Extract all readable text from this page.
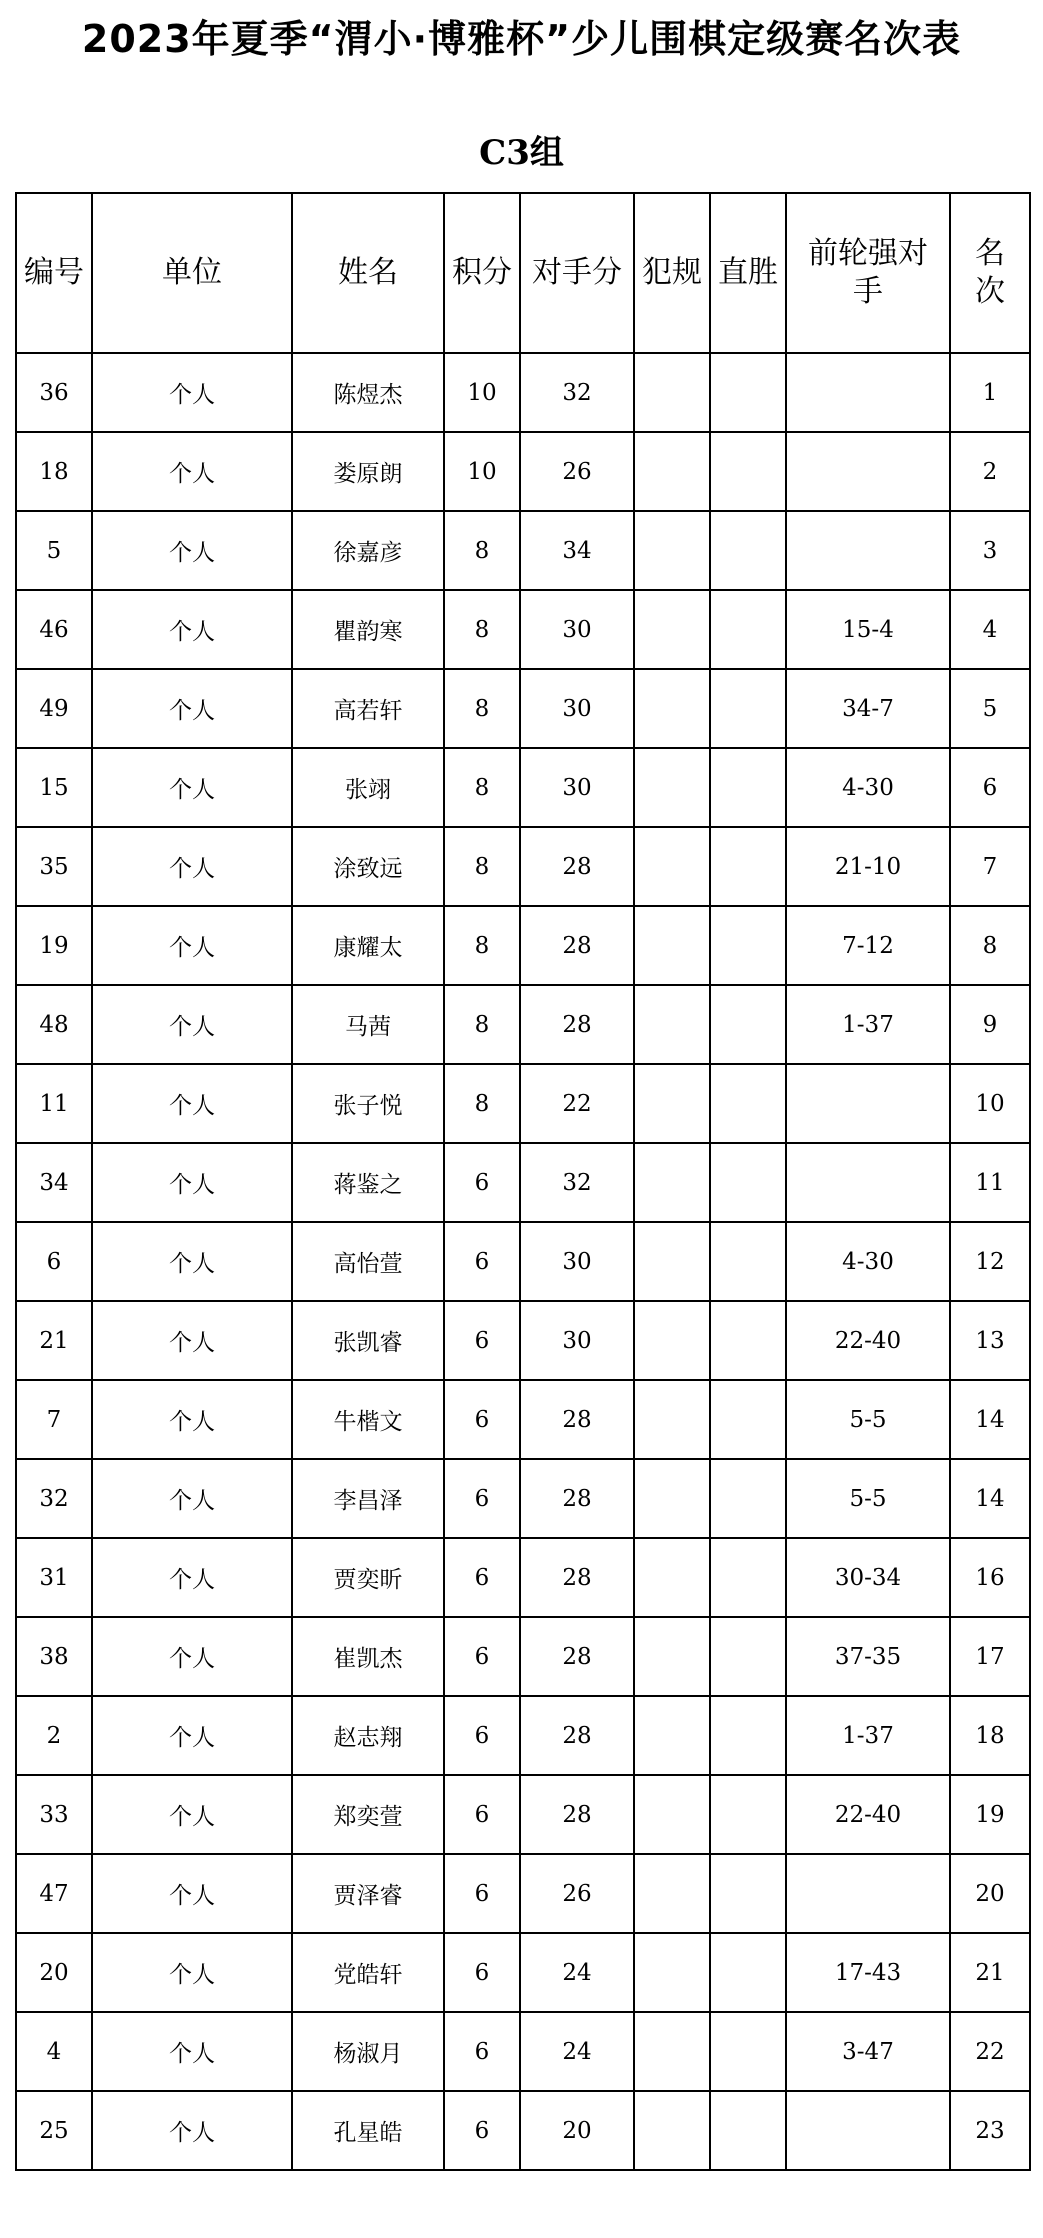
2023年夏季“渭小·博雅杯”少儿围棋定级赛名次表
C3组
编号	单位	姓名	积分	对手分	犯规	直胜	前轮强对手	名次
36	个人	陈煜杰	10	32				1
18	个人	娄原朗	10	26				2
5	个人	徐嘉彦	8	34				3
46	个人	瞿韵寒	8	30			15-4	4
49	个人	高若轩	8	30			34-7	5
15	个人	张翊	8	30			4-30	6
35	个人	涂致远	8	28			21-10	7
19	个人	康耀太	8	28			7-12	8
48	个人	马茜	8	28			1-37	9
11	个人	张子悦	8	22				10
34	个人	蒋鉴之	6	32				11
6	个人	高怡萱	6	30			4-30	12
21	个人	张凯睿	6	30			22-40	13
7	个人	牛楷文	6	28			5-5	14
32	个人	李昌泽	6	28			5-5	14
31	个人	贾奕昕	6	28			30-34	16
38	个人	崔凯杰	6	28			37-35	17
2	个人	赵志翔	6	28			1-37	18
33	个人	郑奕萱	6	28			22-40	19
47	个人	贾泽睿	6	26				20
20	个人	党皓轩	6	24			17-43	21
4	个人	杨淑月	6	24			3-47	22
25	个人	孔星皓	6	20				23
